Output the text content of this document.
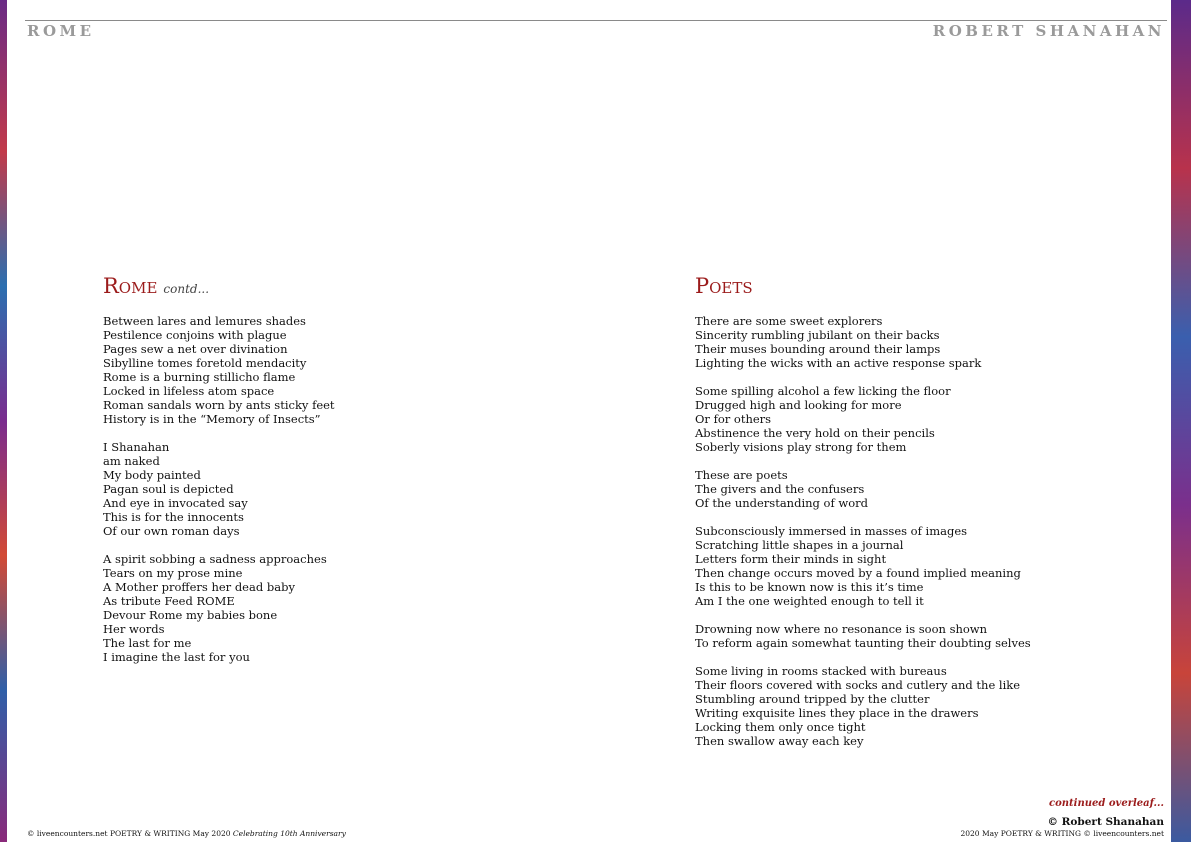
ROME	ROBERT SHANAHAN
Rome contd...
Between lares and lemures shades
Pestilence conjoins with plague
Pages sew a net over divination
Sibylline tomes foretold mendacity
Rome is a burning stillicho flame
Locked in lifeless atom space
Roman sandals worn by ants sticky feet
History is in the “Memory of Insects”
I Shanahan
am naked
My body painted
Pagan soul is depicted
And eye in invocated say
This is for the innocents
Of our own roman days
A spirit sobbing a sadness approaches
Tears on my prose mine
A Mother proffers her dead baby
As tribute Feed ROME
Devour Rome my babies bone
Her words
The last for me
I imagine the last for you
Poets
There are some sweet explorers
Sincerity rumbling jubilant on their backs
Their muses bounding around their lamps
Lighting the wicks with an active response spark
Some spilling alcohol a few licking the floor
Drugged high and looking for more
Or for others
Abstinence the very hold on their pencils
Soberly visions play strong for them
These are poets
The givers and the confusers
Of the understanding of word
Subconsciously immersed in masses of images
Scratching little shapes in a journal
Letters form their minds in sight
Then change occurs moved by a found implied meaning
Is this to be known now is this it’s time
Am I the one weighted enough to tell it
Drowning now where no resonance is soon shown
To reform again somewhat taunting their doubting selves
Some living in rooms stacked with bureaus
Their floors covered with socks and cutlery and the like
Stumbling around tripped by the clutter
Writing exquisite lines they place in the drawers
Locking them only once tight
Then swallow away each key
continued overleaf...
© Robert Shanahan
© liveencounters.net POETRY & WRITING May 2020 Celebrating 10th Anniversary	2020 May POETRY & WRITING © liveencounters.net
